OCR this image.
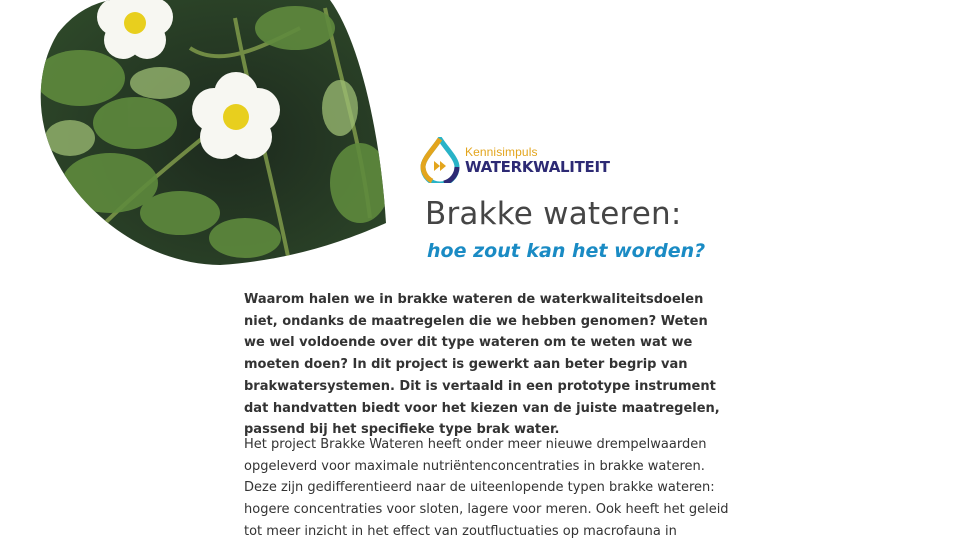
Kennisimpuls
WATERKWALITEIT
Brakke wateren:
hoe zout kan het worden?

Waarom halen we in brakke wateren de waterkwaliteitsdoelen niet, ondanks de maatregelen die we hebben genomen? Weten we wel voldoende over dit type wateren om te weten wat we moeten doen? In dit project is gewerkt aan beter begrip van brakwatersystemen. Dit is vertaald in een prototype instrument dat handvatten biedt voor het kiezen van de juiste maatregelen, passend bij het specifieke type brak water.

Het project Brakke Wateren heeft onder meer nieuwe drempelwaarden opgeleverd voor maximale nutriëntenconcentraties in brakke wateren. Deze zijn gedifferentieerd naar de uiteenlopende typen brakke wateren: hogere concentraties voor sloten, lagere voor meren. Ook heeft het geleid tot meer inzicht in het effect van zoutfluctuaties op macrofauna in
